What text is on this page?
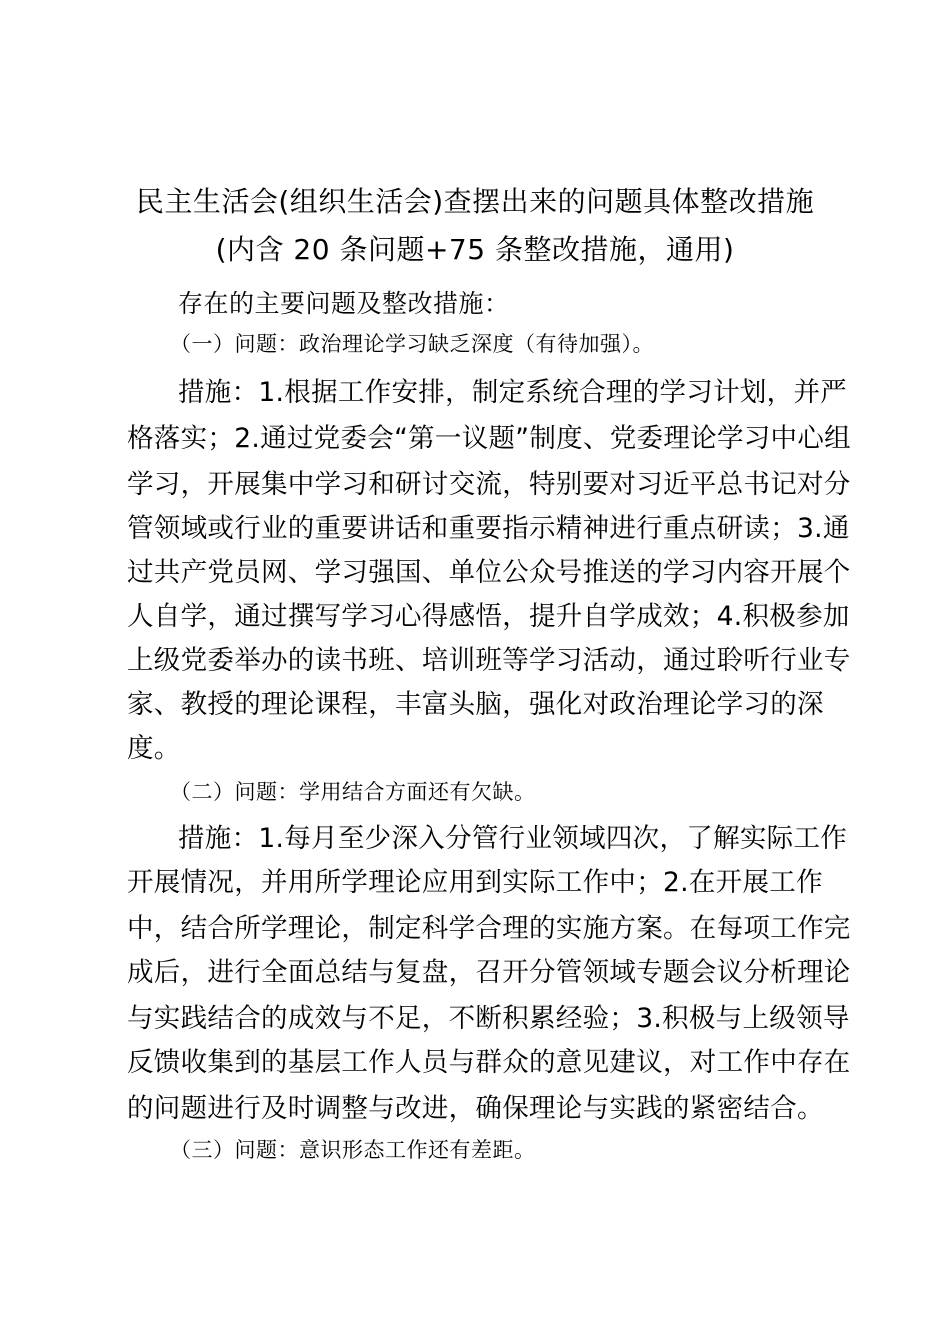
民主生活会(组织生活会)查摆出来的问题具体整改措施
(内含 20 条问题+75 条整改措施，通用)
存在的主要问题及整改措施：
（一）问题：政治理论学习缺乏深度（有待加强）。
措施：1.根据工作安排，制定系统合理的学习计划，并严
格落实；2.通过党委会“第一议题”制度、党委理论学习中心组
学习，开展集中学习和研讨交流，特别要对习近平总书记对分
管领域或行业的重要讲话和重要指示精神进行重点研读；3.通
过共产党员网、学习强国、单位公众号推送的学习内容开展个
人自学，通过撰写学习心得感悟，提升自学成效；4.积极参加
上级党委举办的读书班、培训班等学习活动，通过聆听行业专
家、教授的理论课程，丰富头脑，强化对政治理论学习的深
度。
（二）问题：学用结合方面还有欠缺。
措施：1.每月至少深入分管行业领域四次，了解实际工作
开展情况，并用所学理论应用到实际工作中；2.在开展工作
中，结合所学理论，制定科学合理的实施方案。在每项工作完
成后，进行全面总结与复盘，召开分管领域专题会议分析理论
与实践结合的成效与不足，不断积累经验；3.积极与上级领导
反馈收集到的基层工作人员与群众的意见建议，对工作中存在
的问题进行及时调整与改进，确保理论与实践的紧密结合。
（三）问题：意识形态工作还有差距。
